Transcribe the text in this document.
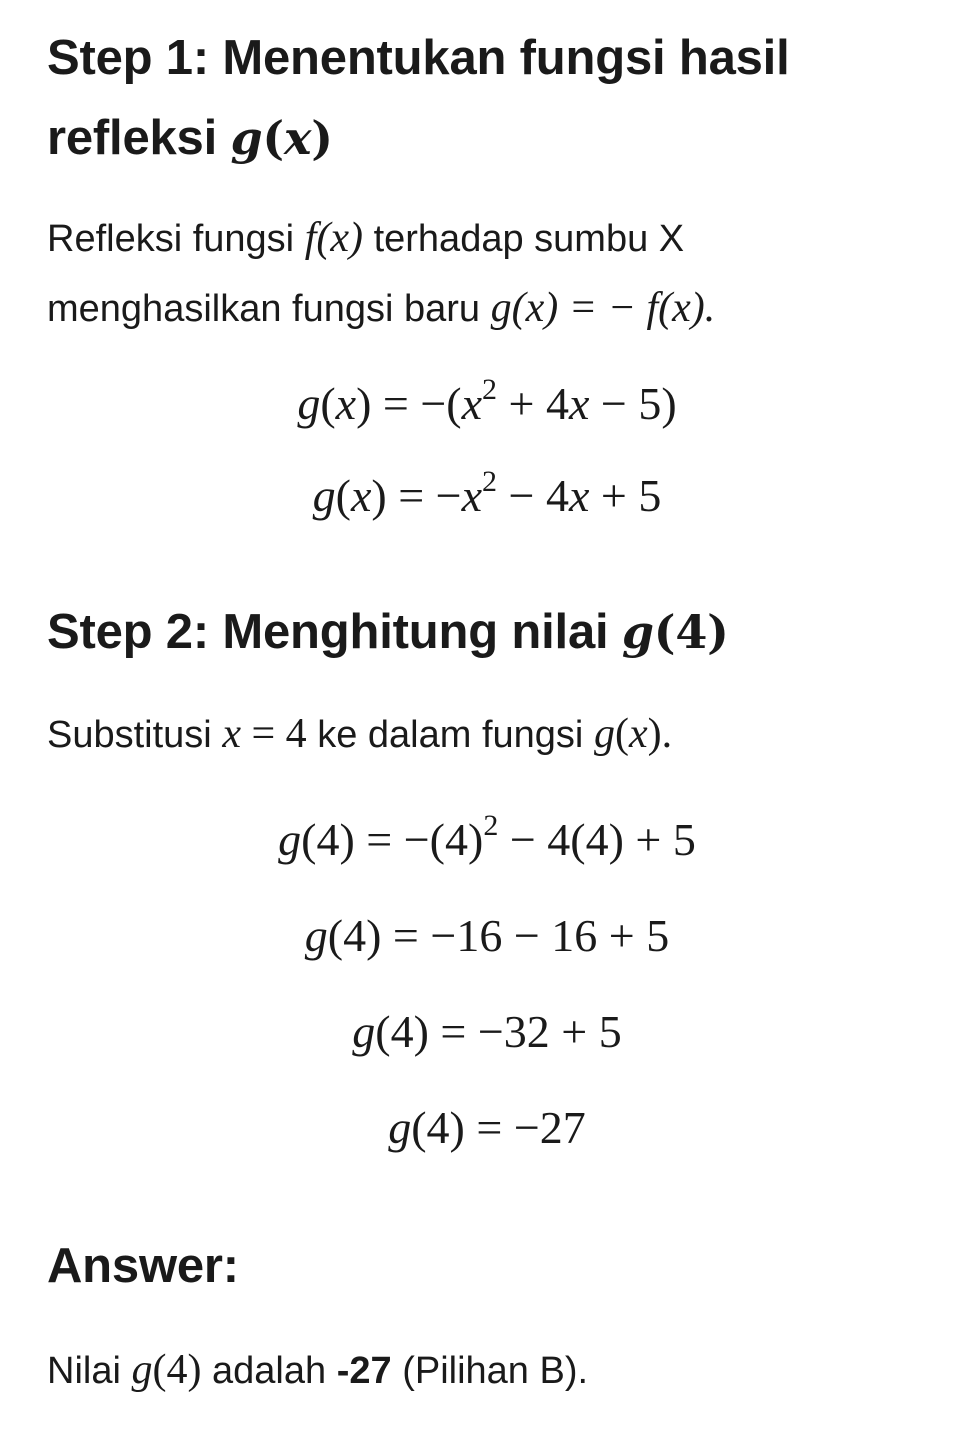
Step 1: Menentukan fungsi hasil refleksi g(x)

Refleksi fungsi f(x) terhadap sumbu X menghasilkan fungsi baru g(x) = − f(x).

$g(x) = -(x^2 + 4x - 5)$
$g(x) = -x^2 - 4x + 5$
Step 2: Menghitung nilai g(4)

Substitusi x = 4 ke dalam fungsi g(x).

$g(4) = -(4)^2 - 4(4) + 5$
g(4) = −16 − 16 + 5
g(4) = −32 + 5
g(4) = −27
Answer:

Nilai g(4) adalah -27 (Pilihan B).
